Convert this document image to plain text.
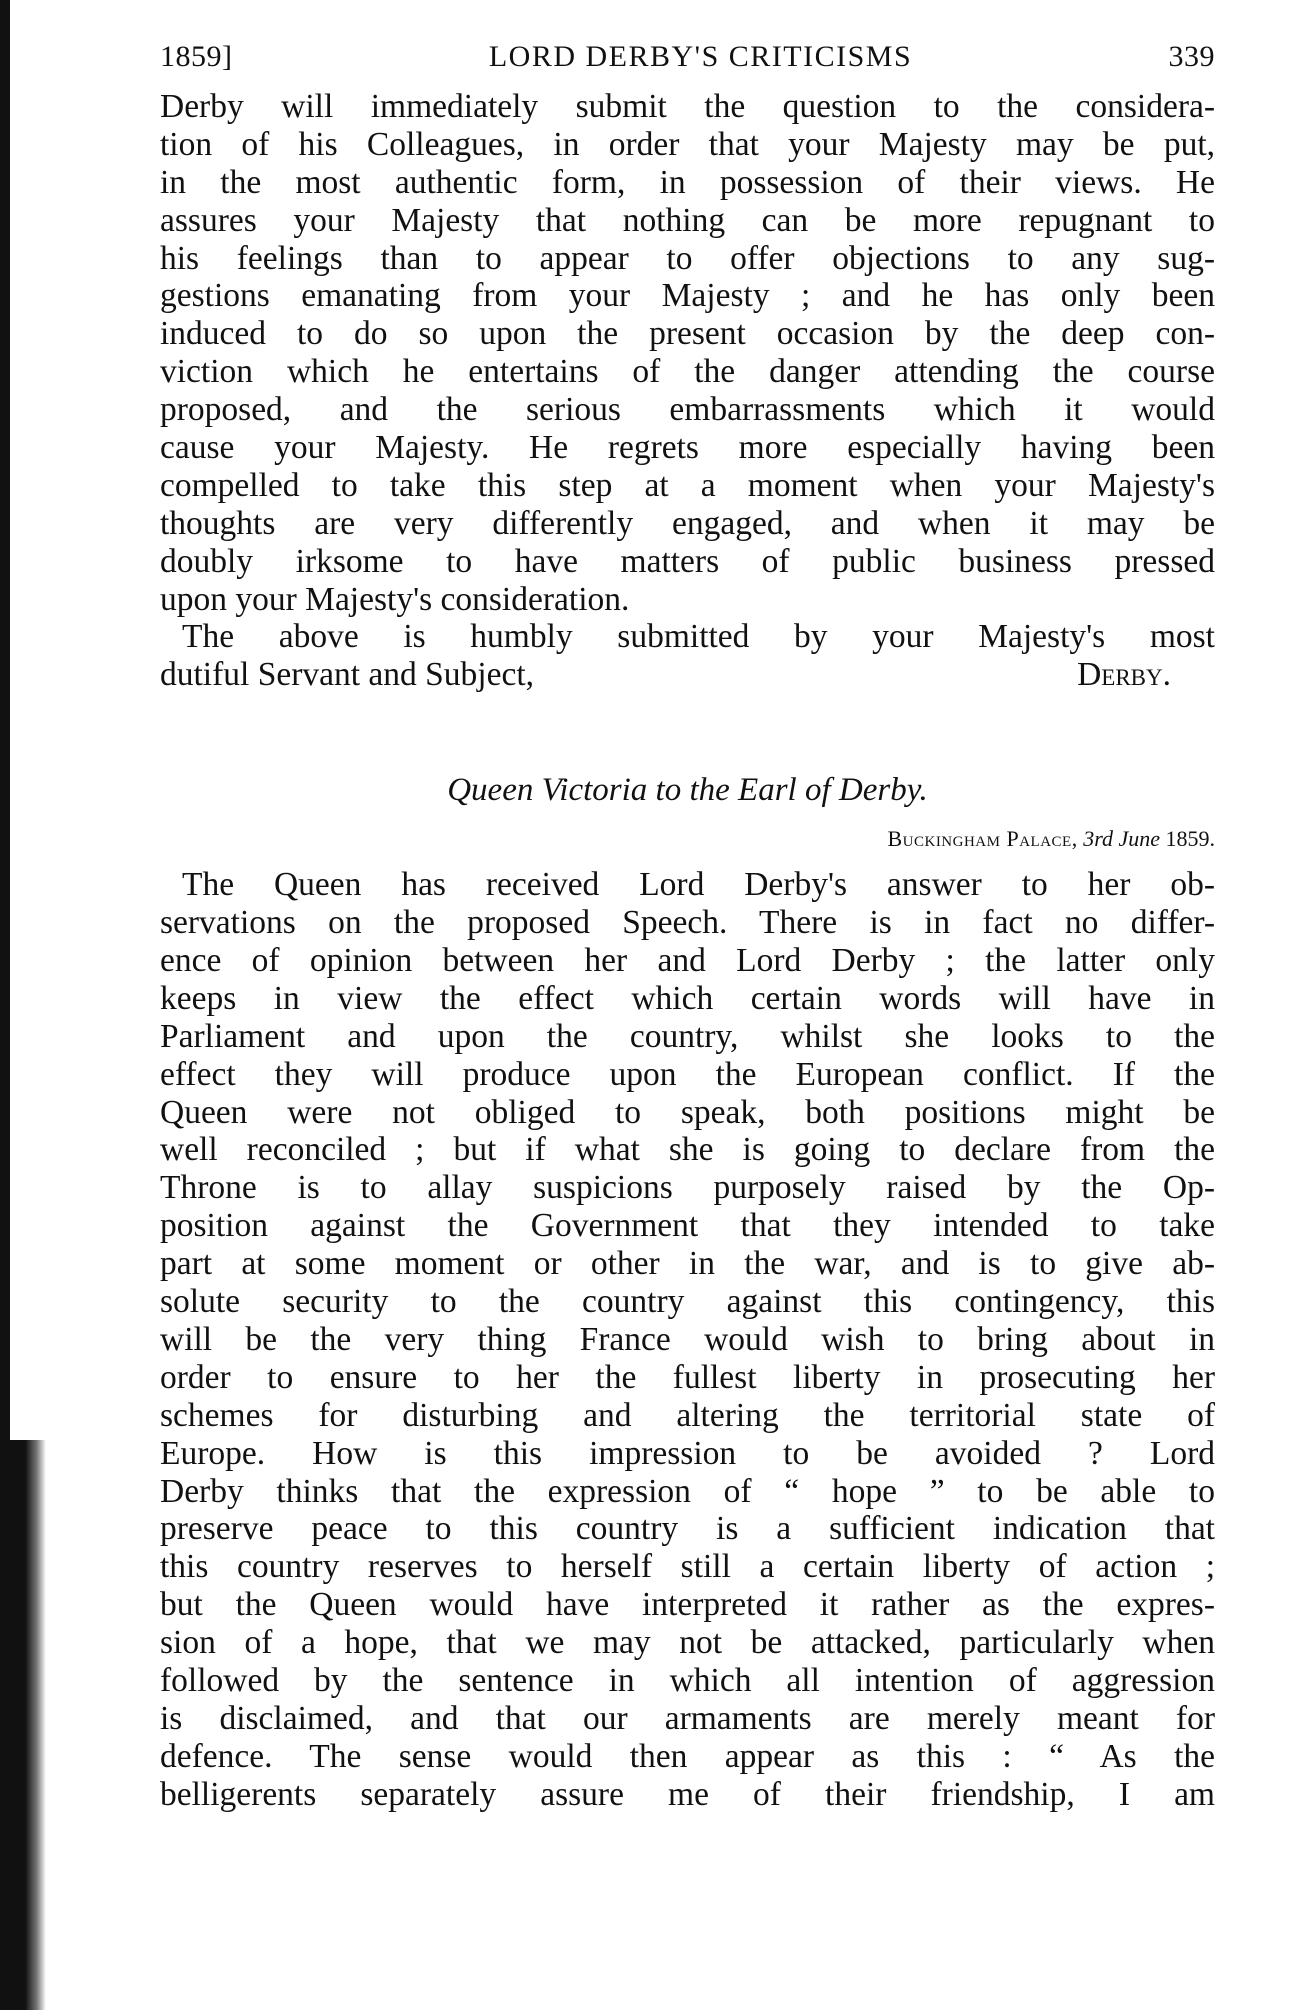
1859]	LORD DERBY'S CRITICISMS	339
Derby will immediately submit the question to the considera-
tion of his Colleagues, in order that your Majesty may be put,
in the most authentic form, in possession of their views. He
assures your Majesty that nothing can be more repugnant to
his feelings than to appear to offer objections to any sug-
gestions emanating from your Majesty ; and he has only been
induced to do so upon the present occasion by the deep con-
viction which he entertains of the danger attending the course
proposed, and the serious embarrassments which it would
cause your Majesty. He regrets more especially having been
compelled to take this step at a moment when your Majesty's
thoughts are very differently engaged, and when it may be
doubly irksome to have matters of public business pressed
upon your Majesty's consideration.
The above is humbly submitted by your Majesty's most
dutiful Servant and Subject,	Derby.
Queen Victoria to the Earl of Derby.
Buckingham Palace, 3rd June 1859.
The Queen has received Lord Derby's answer to her ob-
servations on the proposed Speech. There is in fact no differ-
ence of opinion between her and Lord Derby ; the latter only
keeps in view the effect which certain words will have in
Parliament and upon the country, whilst she looks to the
effect they will produce upon the European conflict. If the
Queen were not obliged to speak, both positions might be
well reconciled ; but if what she is going to declare from the
Throne is to allay suspicions purposely raised by the Op-
position against the Government that they intended to take
part at some moment or other in the war, and is to give ab-
solute security to the country against this contingency, this
will be the very thing France would wish to bring about in
order to ensure to her the fullest liberty in prosecuting her
schemes for disturbing and altering the territorial state of
Europe. How is this impression to be avoided ? Lord
Derby thinks that the expression of “ hope ” to be able to
preserve peace to this country is a sufficient indication that
this country reserves to herself still a certain liberty of action ;
but the Queen would have interpreted it rather as the expres-
sion of a hope, that we may not be attacked, particularly when
followed by the sentence in which all intention of aggression
is disclaimed, and that our armaments are merely meant for
defence. The sense would then appear as this : “ As the
belligerents separately assure me of their friendship, I am
